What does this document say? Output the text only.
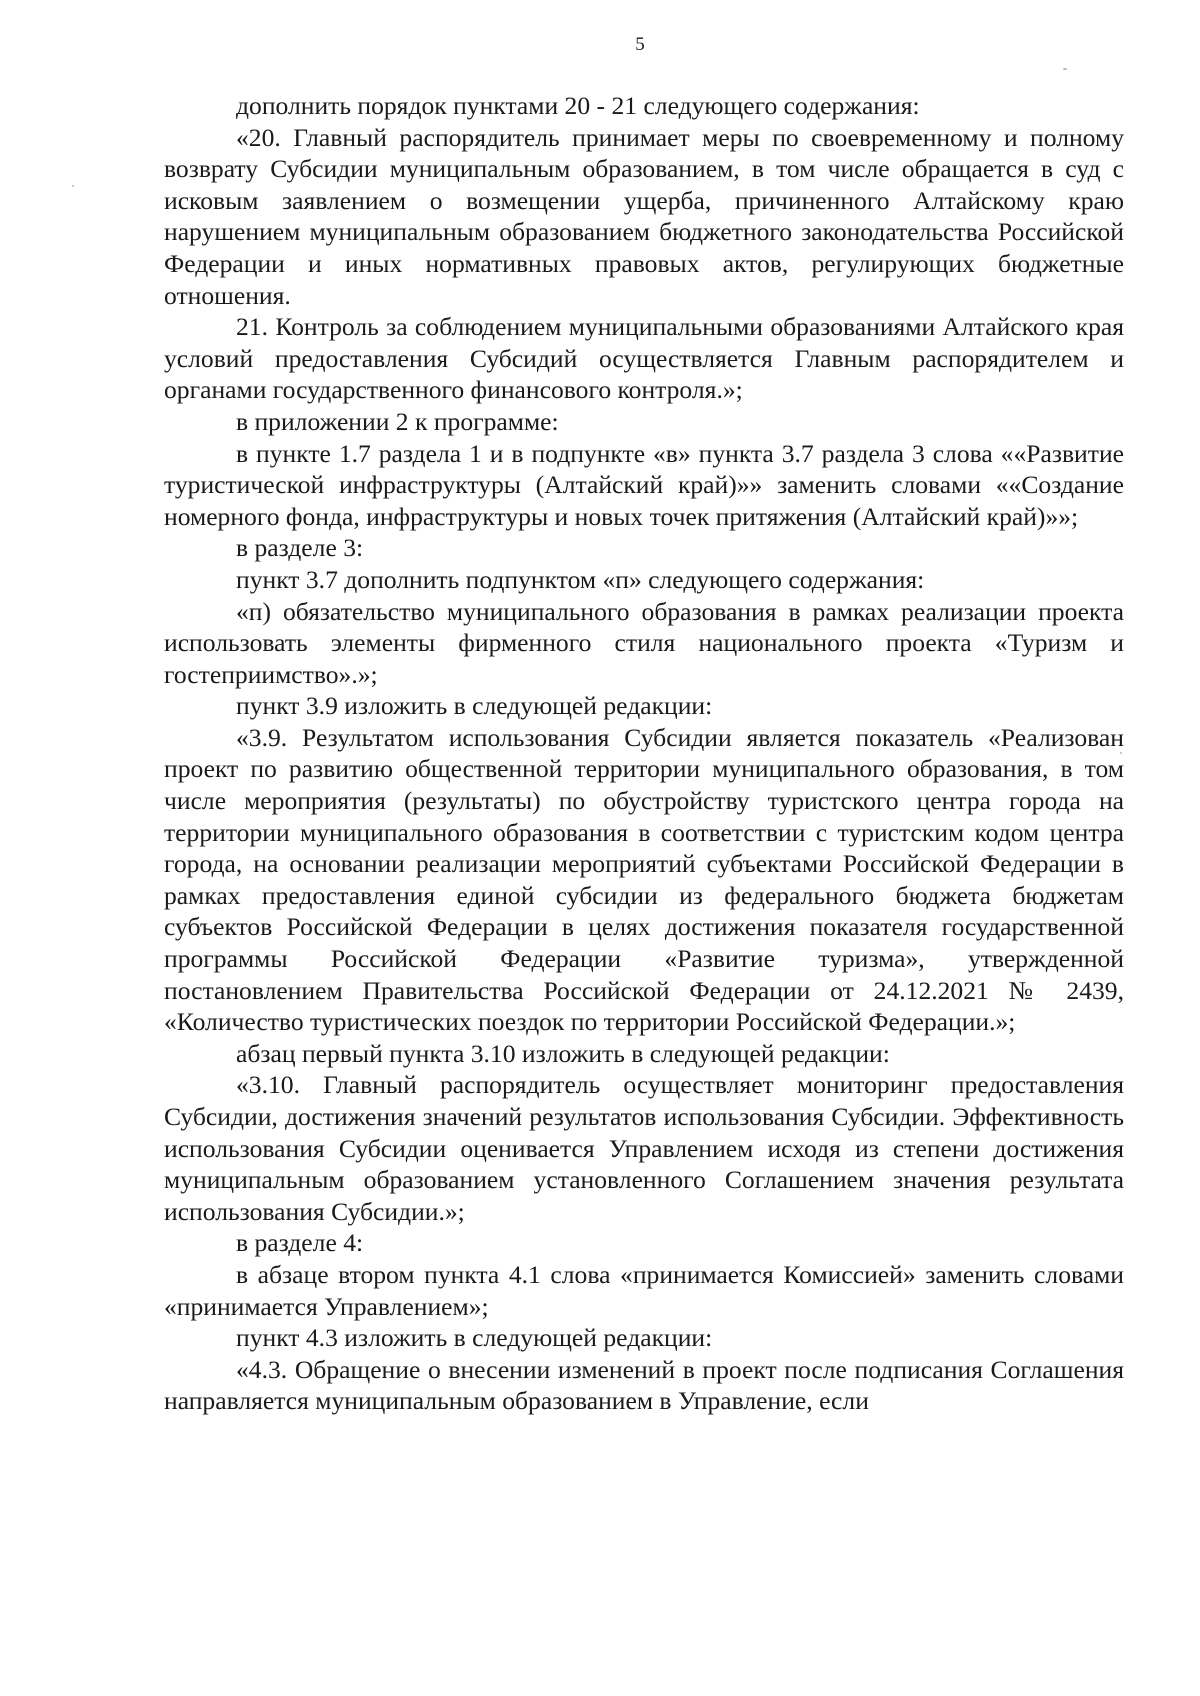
5

дополнить порядок пунктами 20 - 21 следующего содержания:

«20. Главный распорядитель принимает меры по своевременному и полному возврату Субсидии муниципальным образованием, в том числе обращается в суд с исковым заявлением о возмещении ущерба, причиненного Алтайскому краю нарушением муниципальным образованием бюджетного законодательства Российской Федерации и иных нормативных правовых актов, регулирующих бюджетные отношения.

21. Контроль за соблюдением муниципальными образованиями Алтайского края условий предоставления Субсидий осуществляется Главным распорядителем и органами государственного финансового контроля.»;

в приложении 2 к программе:

в пункте 1.7 раздела 1 и в подпункте «в» пункта 3.7 раздела 3 слова ««Развитие туристической инфраструктуры (Алтайский край)»» заменить словами ««Создание номерного фонда, инфраструктуры и новых точек притяжения (Алтайский край)»»;

в разделе 3:

пункт 3.7 дополнить подпунктом «п» следующего содержания:

«п) обязательство муниципального образования в рамках реализации проекта использовать элементы фирменного стиля национального проекта «Туризм и гостеприимство».»;

пункт 3.9 изложить в следующей редакции:

«3.9. Результатом использования Субсидии является показатель «Реализован проект по развитию общественной территории муниципального образования, в том числе мероприятия (результаты) по обустройству туристского центра города на территории муниципального образования в соответствии с туристским кодом центра города, на основании реализации мероприятий субъектами Российской Федерации в рамках предоставления единой субсидии из федерального бюджета бюджетам субъектов Российской Федерации в целях достижения показателя государственной программы Российской Федерации «Развитие туризма», утвержденной постановлением Правительства Российской Федерации от 24.12.2021 № 2439, «Количество туристических поездок по территории Российской Федерации.»;

абзац первый пункта 3.10 изложить в следующей редакции:

«3.10. Главный распорядитель осуществляет мониторинг предоставления Субсидии, достижения значений результатов использования Субсидии. Эффективность использования Субсидии оценивается Управлением исходя из степени достижения муниципальным образованием установленного Соглашением значения результата использования Субсидии.»;

в разделе 4:

в абзаце втором пункта 4.1 слова «принимается Комиссией» заменить словами «принимается Управлением»;

пункт 4.3 изложить в следующей редакции:

«4.3. Обращение о внесении изменений в проект после подписания Соглашения направляется муниципальным образованием в Управление, если
